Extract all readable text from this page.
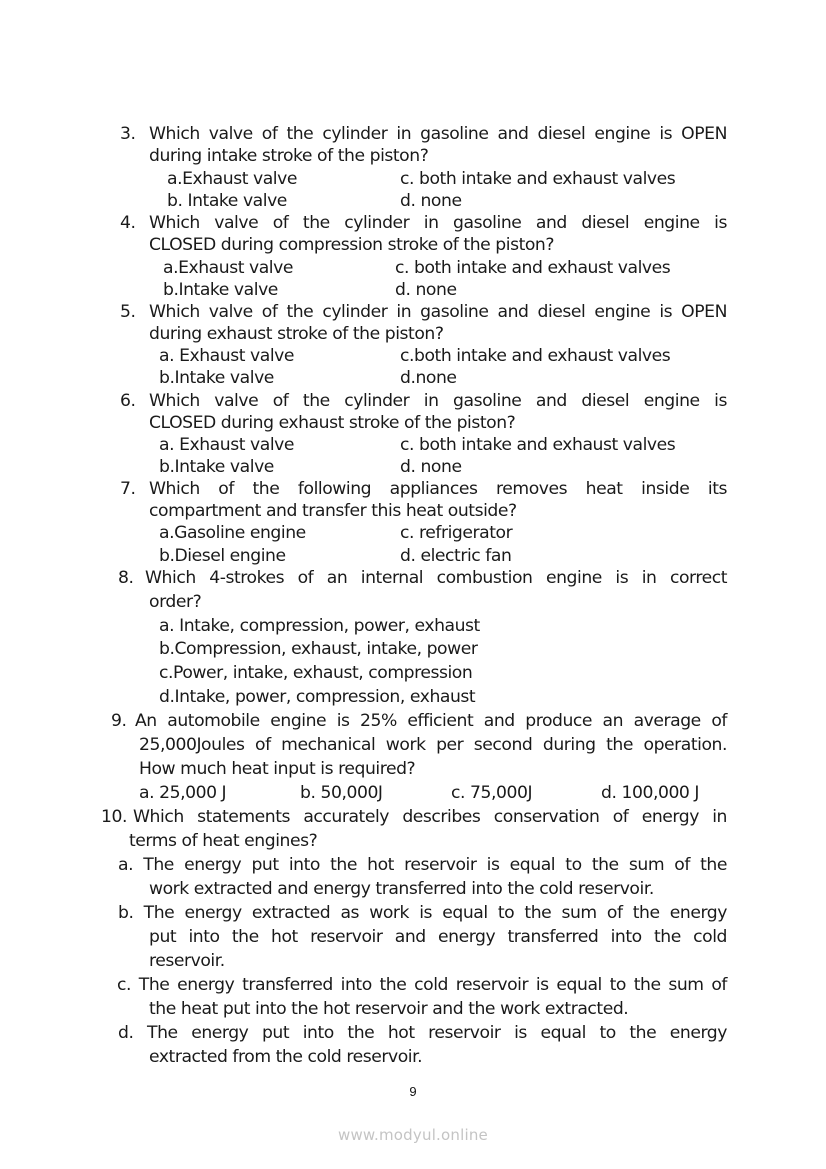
3. Which valve of the cylinder in gasoline and diesel engine is OPEN
during intake stroke of the piston?
a.Exhaust valve	c. both intake and exhaust valves
b. Intake valve	d. none
4. Which valve of the cylinder in gasoline and diesel engine is
CLOSED during compression stroke of the piston?
a.Exhaust valve	c. both intake and exhaust valves
b.Intake valve	d. none
5. Which valve of the cylinder in gasoline and diesel engine is OPEN
during exhaust stroke of the piston?
a. Exhaust valve	c.both intake and exhaust valves
b.Intake valve	d.none
6. Which valve of the cylinder in gasoline and diesel engine is
CLOSED during exhaust stroke of the piston?
a. Exhaust valve	c. both intake and exhaust valves
b.Intake valve	d. none
7. Which of the following appliances removes heat inside its
compartment and transfer this heat outside?
a.Gasoline engine	c. refrigerator
b.Diesel engine	d. electric fan
8. Which 4-strokes of an internal combustion engine is in correct
order?
a. Intake, compression, power, exhaust
b.Compression, exhaust, intake, power
c.Power, intake, exhaust, compression
d.Intake, power, compression, exhaust
9. An automobile engine is 25% efficient and produce an average of
25,000Joules of mechanical work per second during the operation.
How much heat input is required?
a. 25,000 J	b. 50,000J	c. 75,000J	d. 100,000 J
10. Which statements accurately describes conservation of energy in
terms of heat engines?
a. The energy put into the hot reservoir is equal to the sum of the
work extracted and energy transferred into the cold reservoir.
b. The energy extracted as work is equal to the sum of the energy
put into the hot reservoir and energy transferred into the cold
reservoir.
c. The energy transferred into the cold reservoir is equal to the sum of
the heat put into the hot reservoir and the work extracted.
d. The energy put into the hot reservoir is equal to the energy
extracted from the cold reservoir.
9
www.modyul.online
